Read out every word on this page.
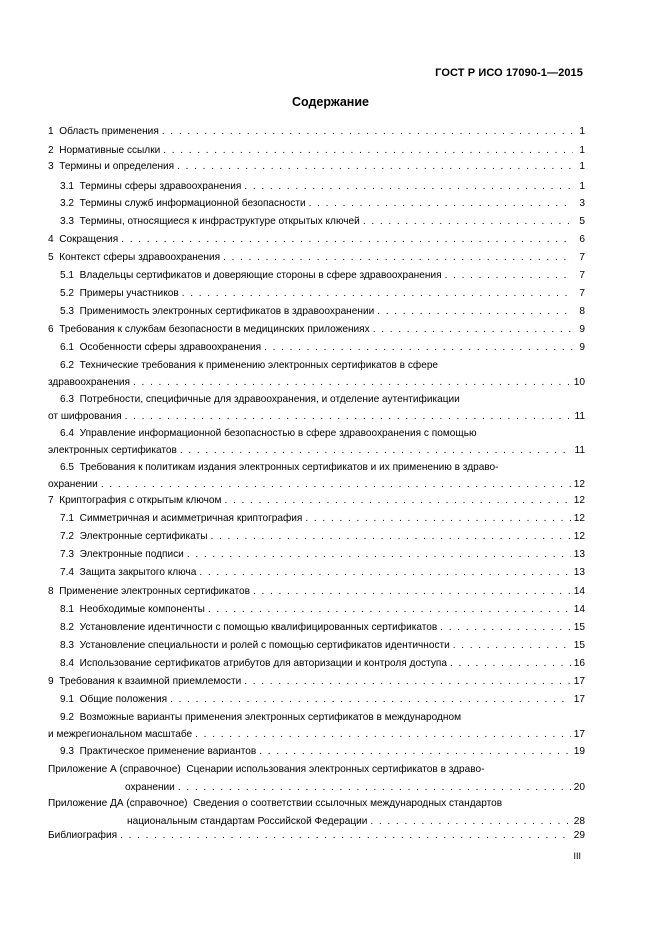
ГОСТ Р ИСО 17090-1—2015
Содержание
1 Область применения . . .	1
2 Нормативные ссылки . . .	1
3 Термины и определения . . .	1
3.1 Термины сферы здравоохранения . . .	1
3.2 Термины служб информационной безопасности . . .	3
3.3 Термины, относящиеся к инфраструктуре открытых ключей . . .	5
4 Сокращения . . .	6
5 Контекст сферы здравоохранения . . .	7
5.1 Владельцы сертификатов и доверяющие стороны в сфере здравоохранения . . .	7
5.2 Примеры участников . . .	7
5.3 Применимость электронных сертификатов в здравоохранении . . .	8
6 Требования к службам безопасности в медицинских приложениях . . .	9
6.1 Особенности сферы здравоохранения . . .	9
6.2 Технические требования к применению электронных сертификатов в сфере
здравоохранения . . .	10
6.3 Потребности, специфичные для здравоохранения, и отделение аутентификации
от шифрования . . .	11
6.4 Управление информационной безопасностью в сфере здравоохранения с помощью
электронных сертификатов . . .	11
6.5 Требования к политикам издания электронных сертификатов и их применению в здраво-
охранении . . .	12
7 Криптография с открытым ключом . . .	12
7.1 Симметричная и асимметричная криптография . . .	12
7.2 Электронные сертификаты . . .	12
7.3 Электронные подписи . . .	13
7.4 Защита закрытого ключа . . .	13
8 Применение электронных сертификатов . . .	14
8.1 Необходимые компоненты . . .	14
8.2 Установление идентичности с помощью квалифицированных сертификатов . . .	15
8.3 Установление специальности и ролей с помощью сертификатов идентичности . . .	15
8.4 Использование сертификатов атрибутов для авторизации и контроля доступа . . .	16
9 Требования к взаимной приемлемости . . .	17
9.1 Общие положения . . .	17
9.2 Возможные варианты применения электронных сертификатов в международном
и межрегиональном масштабе . . .	17
9.3 Практическое применение вариантов . . .	19
Приложение А (справочное) Сценарии использования электронных сертификатов в здраво-
охранении . . .	20
Приложение ДА (справочное) Сведения о соответствии ссылочных международных стандартов
национальным стандартам Российской Федерации . . .	28
Библиография . . .	29
III
